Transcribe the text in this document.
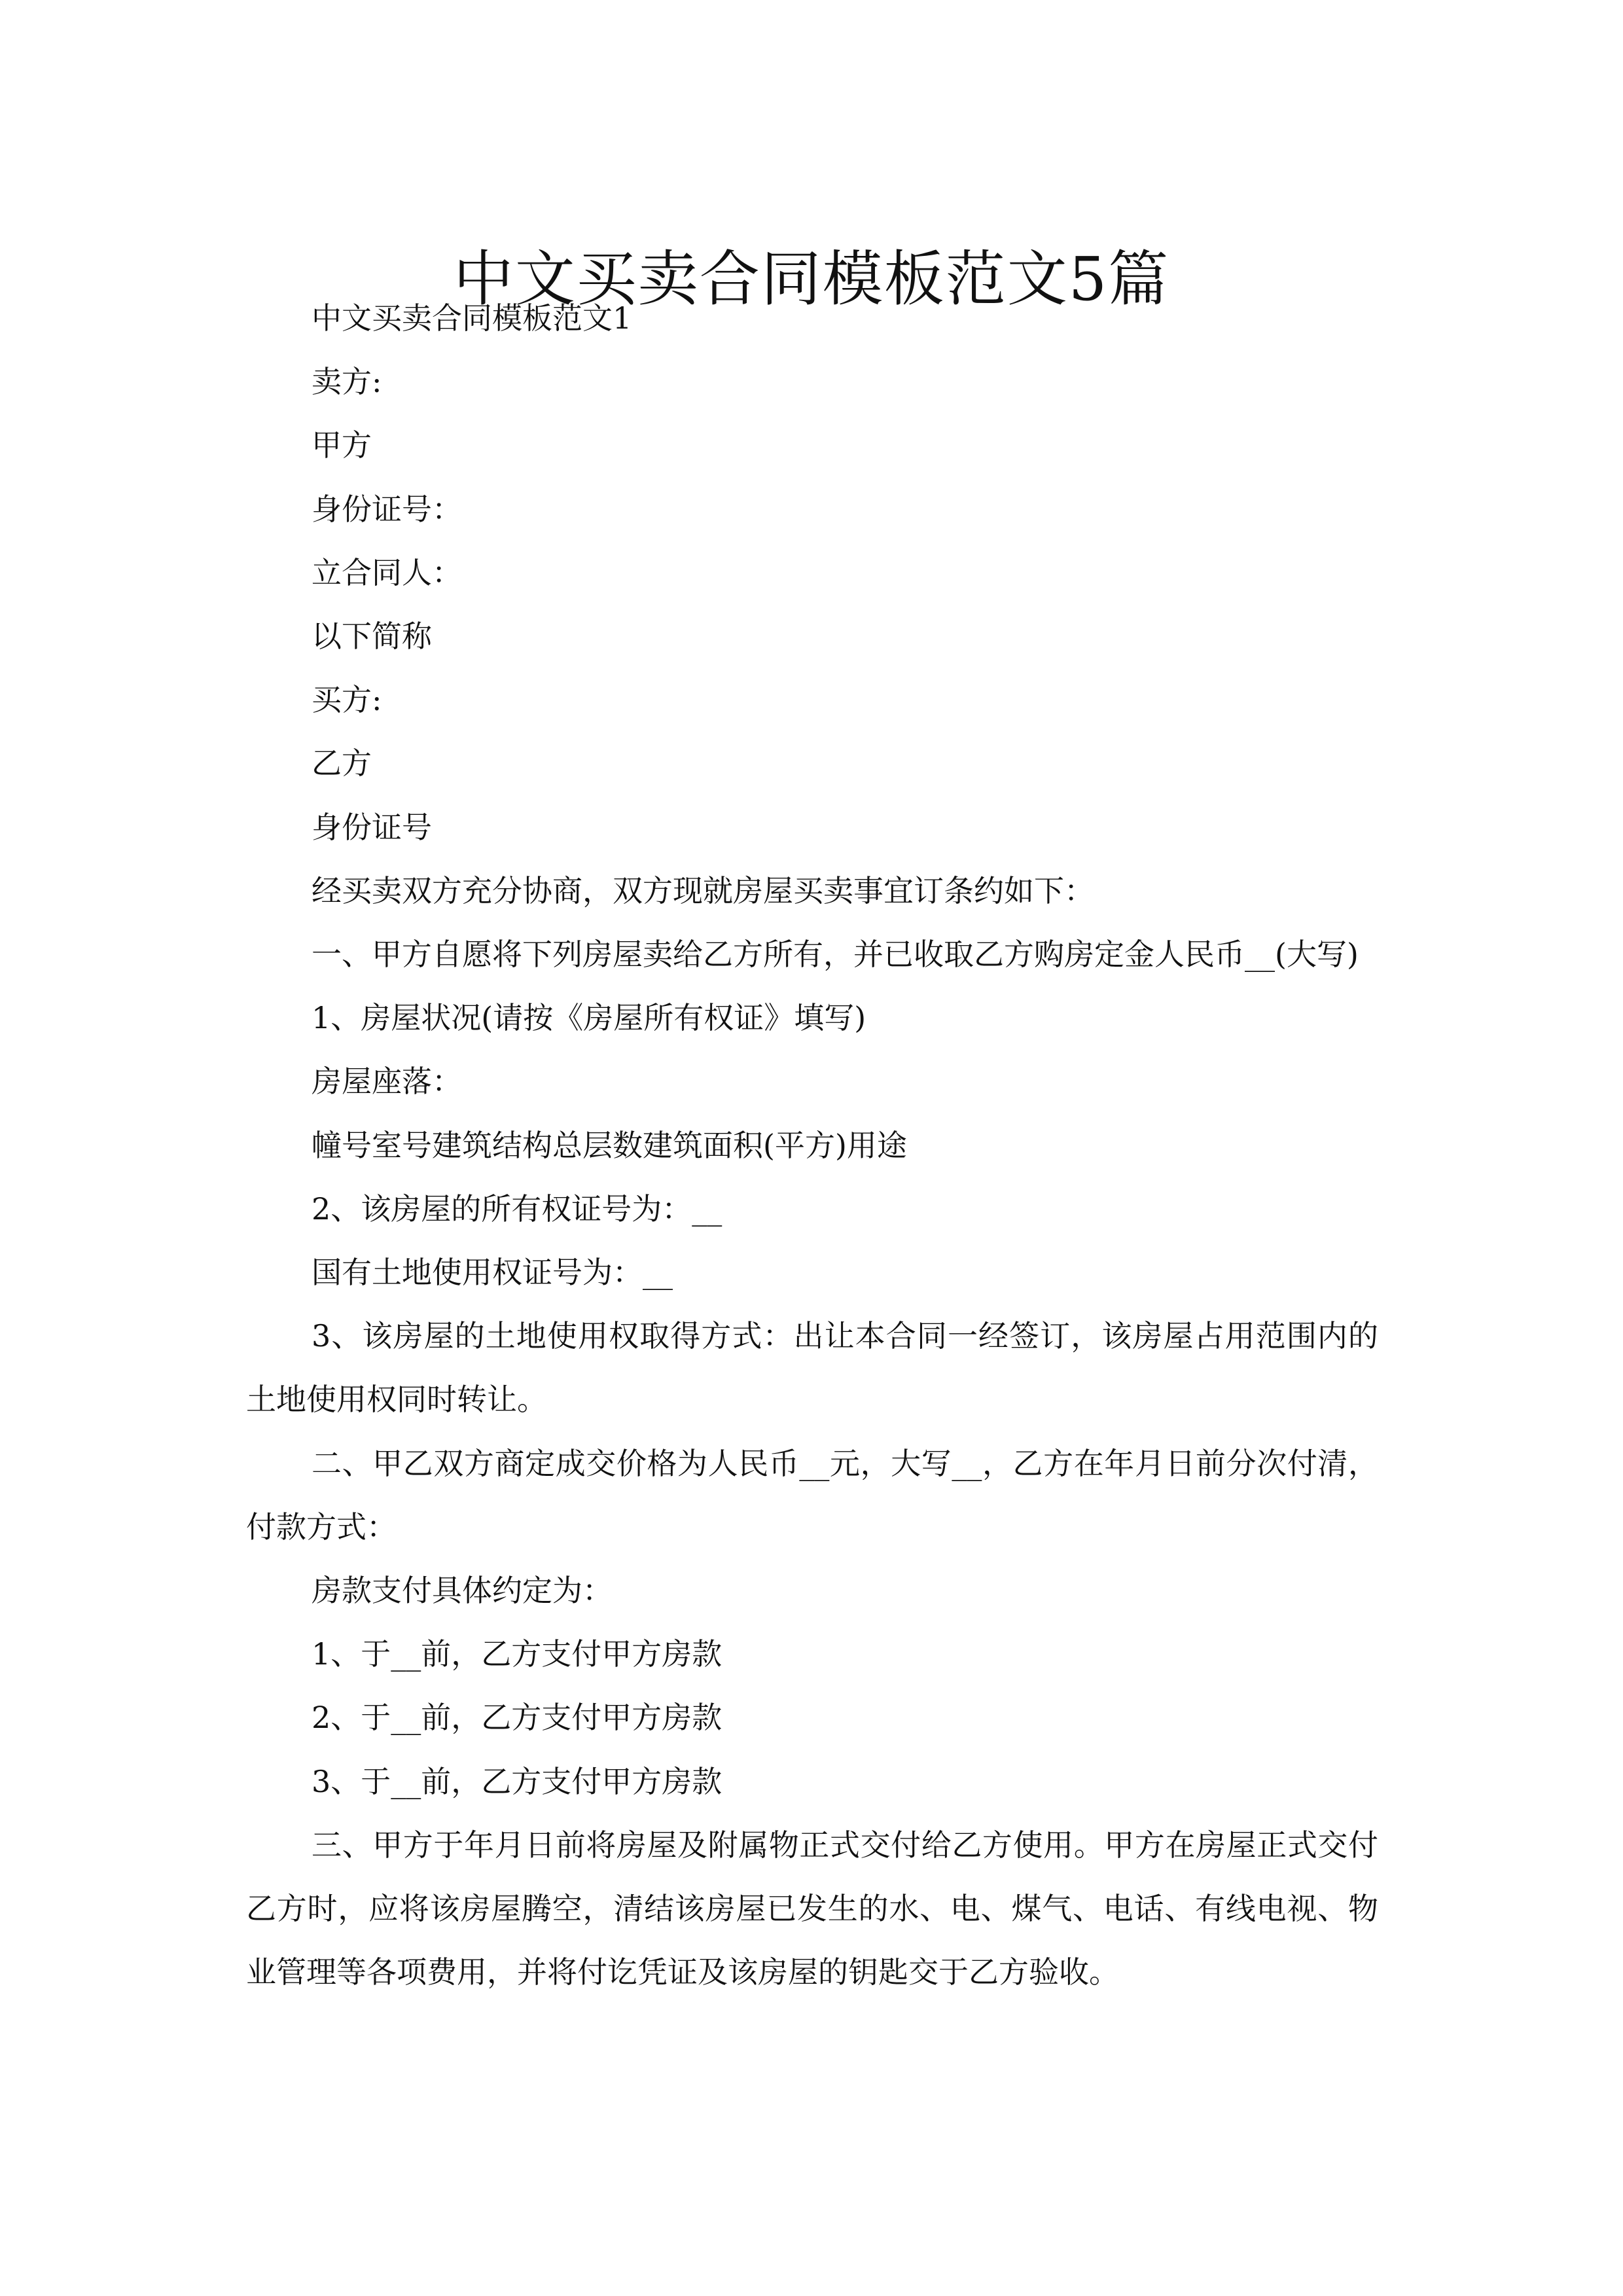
中文买卖合同模板范文5篇

中文买卖合同模板范文1

卖方:

甲方

身份证号：

立合同人：

以下简称

买方:

乙方

身份证号

经买卖双方充分协商，双方现就房屋买卖事宜订条约如下：

一、甲方自愿将下列房屋卖给乙方所有，并已收取乙方购房定金人民币__(大写)

1、房屋状况(请按《房屋所有权证》填写)

房屋座落：

幢号室号建筑结构总层数建筑面积(平方)用途

2、该房屋的所有权证号为：__

国有土地使用权证号为：__

3、该房屋的土地使用权取得方式：出让本合同一经签订，该房屋占用范围内的土地使用权同时转让。

二、甲乙双方商定成交价格为人民币__元，大写__，乙方在年月日前分次付清，付款方式：

房款支付具体约定为：

1、于__前，乙方支付甲方房款

2、于__前，乙方支付甲方房款

3、于__前，乙方支付甲方房款

三、甲方于年月日前将房屋及附属物正式交付给乙方使用。甲方在房屋正式交付乙方时，应将该房屋腾空，清结该房屋已发生的水、电、煤气、电话、有线电视、物业管理等各项费用，并将付讫凭证及该房屋的钥匙交于乙方验收。
